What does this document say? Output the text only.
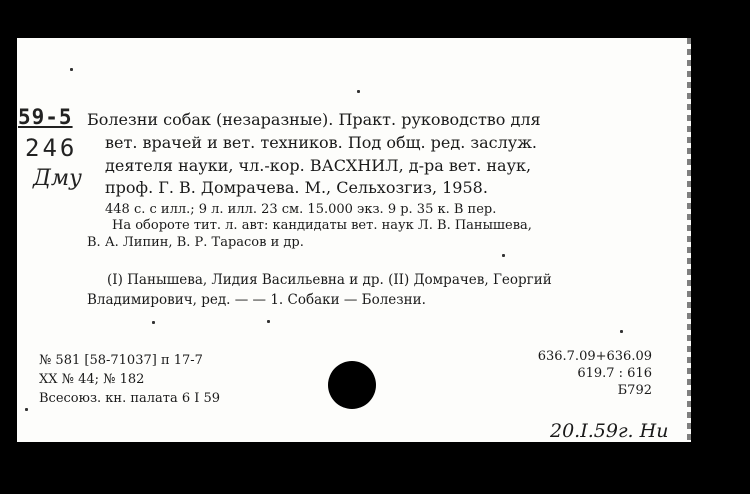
59-5
246
Дму
Болезни собак (незаразные). Практ. руководство для
вет. врачей и вет. техников. Под общ. ред. заслуж.
деятеля науки, чл.-кор. ВАСХНИЛ, д-ра вет. наук,
проф. Г. В. Домрачева. М., Сельхозгиз, 1958.
448 с. с илл.; 9 л. илл. 23 см. 15.000 экз. 9 р. 35 к. В пер.
На обороте тит. л. авт: кандидаты вет. наук Л. В. Панышева,
В. А. Липин, В. Р. Тарасов и др.
(I) Панышева, Лидия Васильевна и др. (II) Домрачев, Георгий
Владимирович, ред. — — 1. Собаки — Болезни.
№ 581 [58-71037] п 17-7
XX № 44; № 182
Всесоюз. кн. палата 6 I 59
636.7.09+636.09
619.7 : 616
Б792
20.I.59г. Ни
